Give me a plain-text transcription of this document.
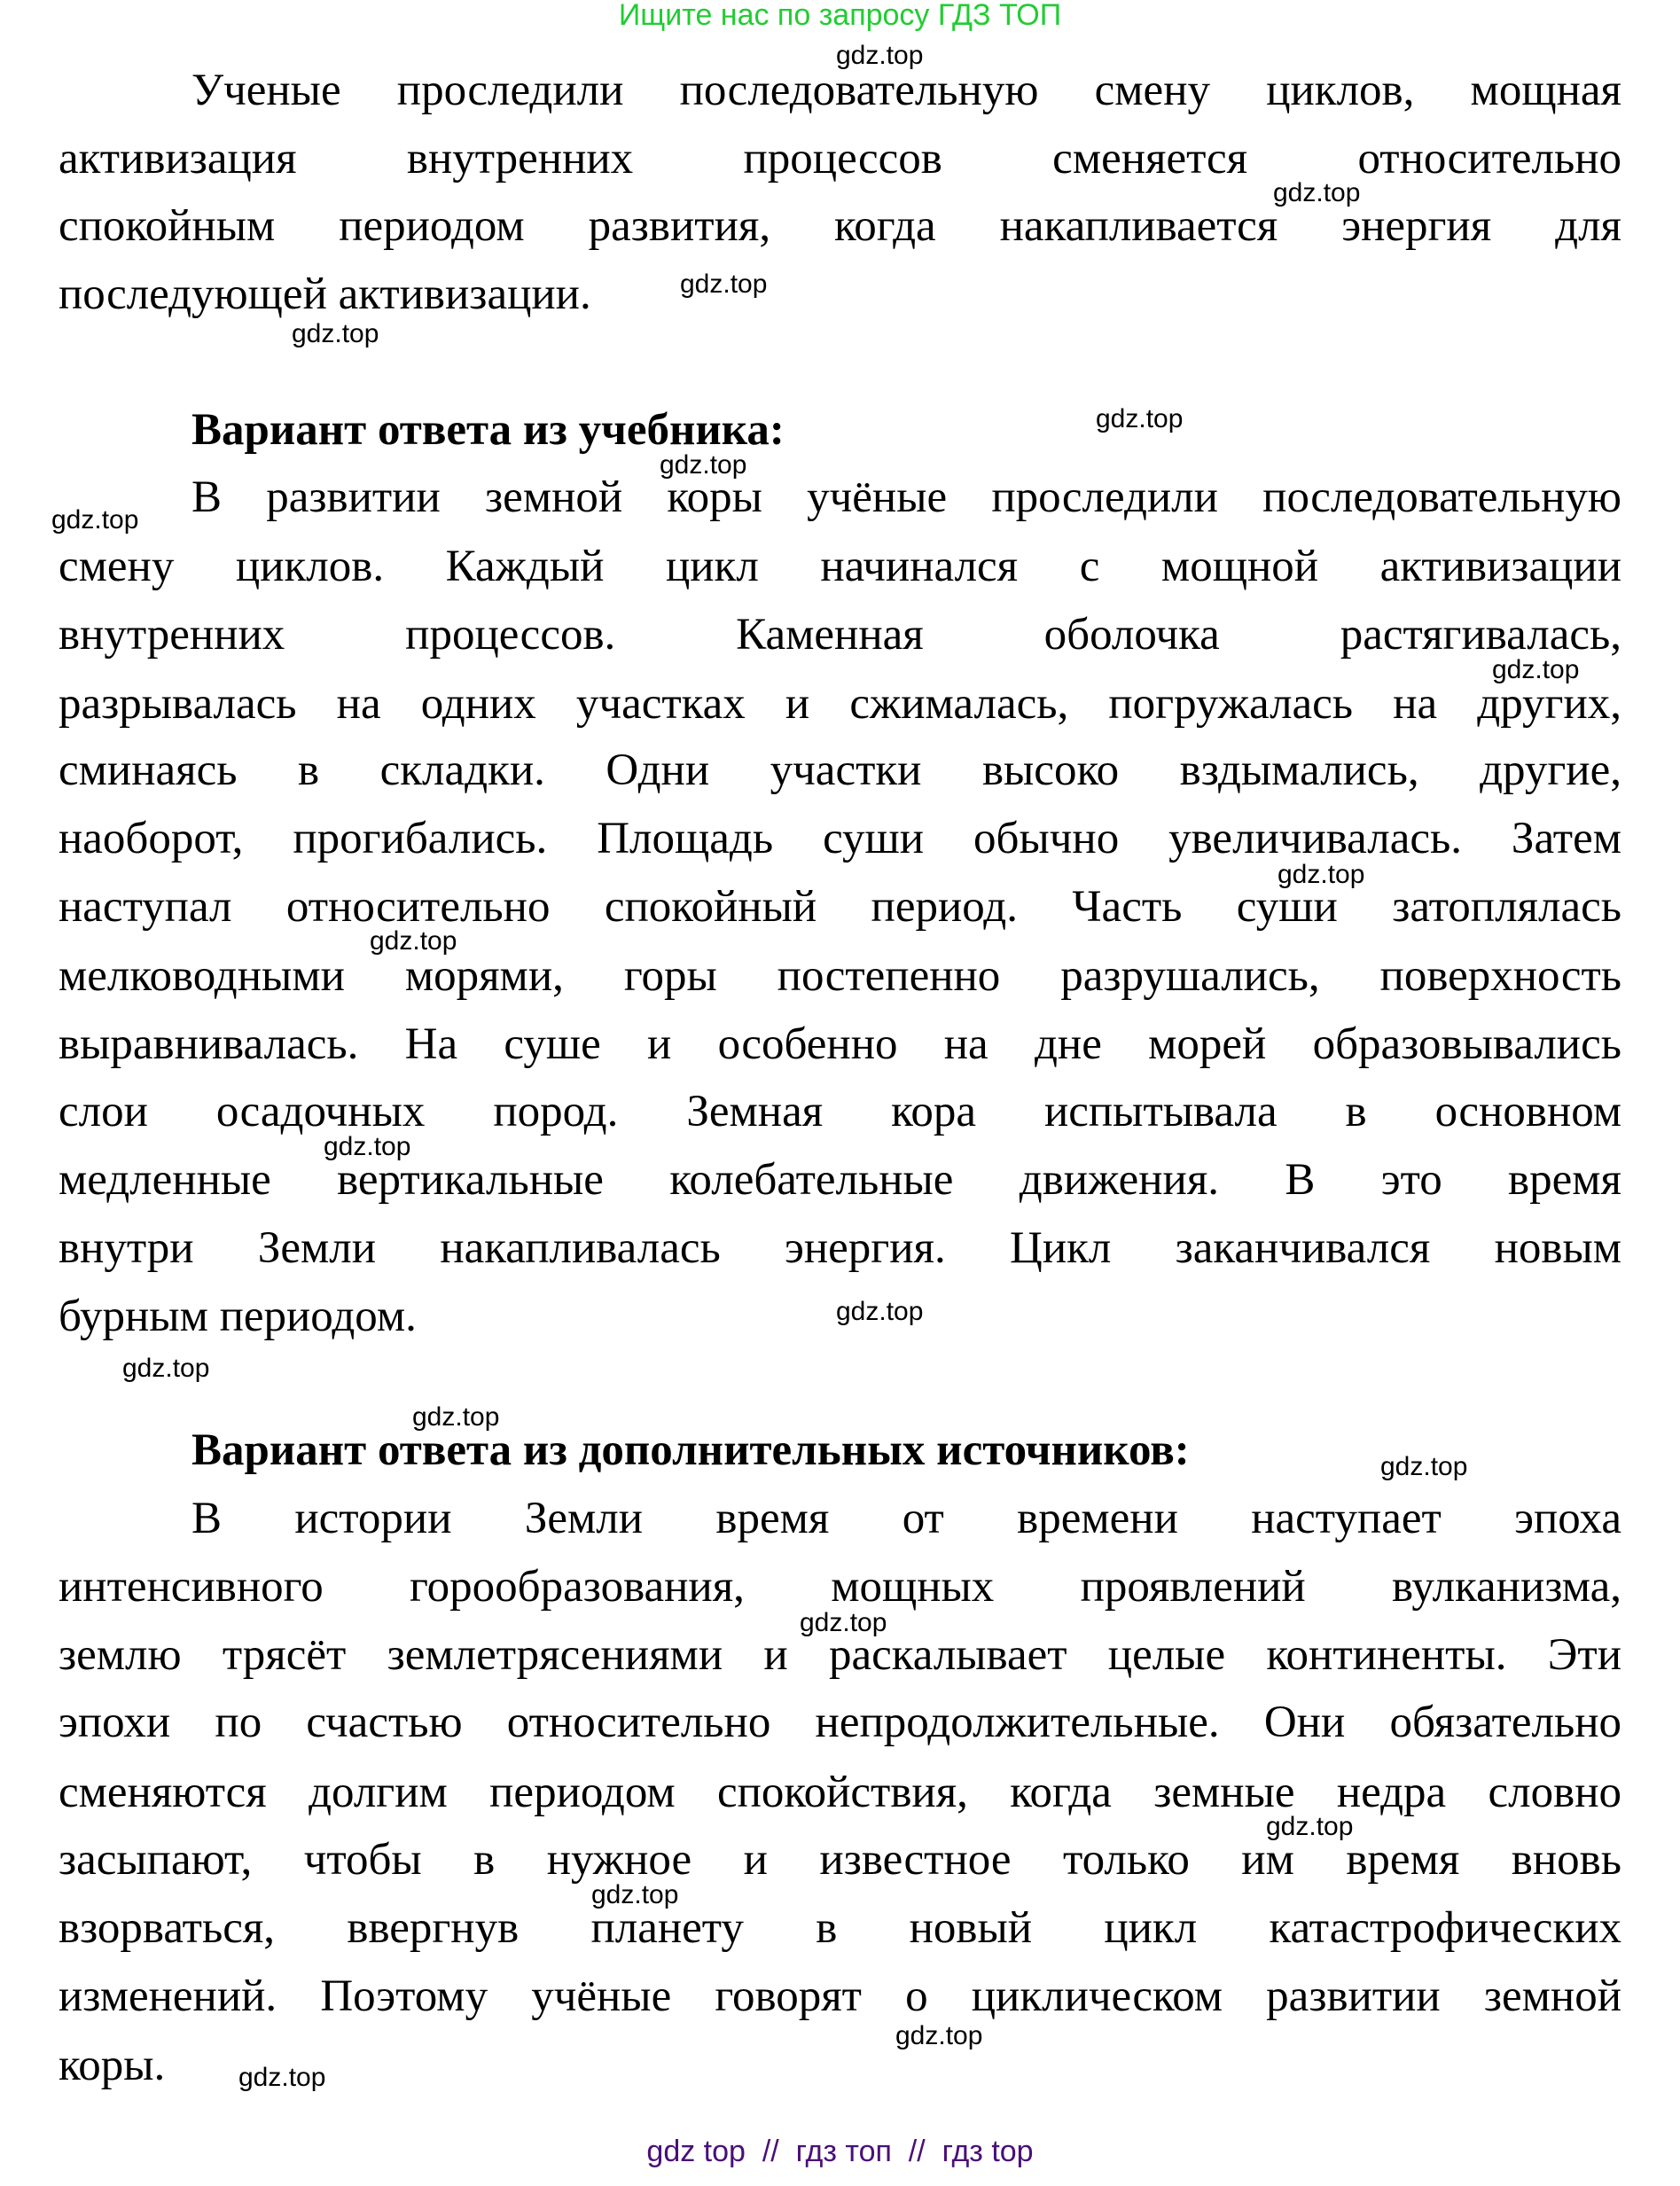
Ищите нас по запросу ГДЗ ТОП
Ученые проследили последовательную смену циклов, мощная
активизация внутренних процессов сменяется относительно
спокойным периодом развития, когда накапливается энергия для
последующей активизации.
Вариант ответа из учебника:
В развитии земной коры учёные проследили последовательную
смену циклов. Каждый цикл начинался с мощной активизации
внутренних процессов. Каменная оболочка растягивалась,
разрывалась на одних участках и сжималась, погружалась на других,
сминаясь в складки. Одни участки высоко вздымались, другие,
наоборот, прогибались. Площадь суши обычно увеличивалась. Затем
наступал относительно спокойный период. Часть суши затоплялась
мелководными морями, горы постепенно разрушались, поверхность
выравнивалась. На суше и особенно на дне морей образовывались
слои осадочных пород. Земная кора испытывала в основном
медленные вертикальные колебательные движения. В это время
внутри Земли накапливалась энергия. Цикл заканчивался новым
бурным периодом.
Вариант ответа из дополнительных источников:
В истории Земли время от времени наступает эпоха
интенсивного горообразования, мощных проявлений вулканизма,
землю трясёт землетрясениями и раскалывает целые континенты. Эти
эпохи по счастью относительно непродолжительные. Они обязательно
сменяются долгим периодом спокойствия, когда земные недра словно
засыпают, чтобы в нужное и известное только им время вновь
взорваться, ввергнув планету в новый цикл катастрофических
изменений. Поэтому учёные говорят о циклическом развитии земной
коры.
gdz.top
gdz.top
gdz.top
gdz.top
gdz.top
gdz.top
gdz.top
gdz.top
gdz.top
gdz.top
gdz.top
gdz.top
gdz.top
gdz.top
gdz.top
gdz.top
gdz.top
gdz.top
gdz.top
gdz.top
gdz top  //  гдз топ  //  гдз top
